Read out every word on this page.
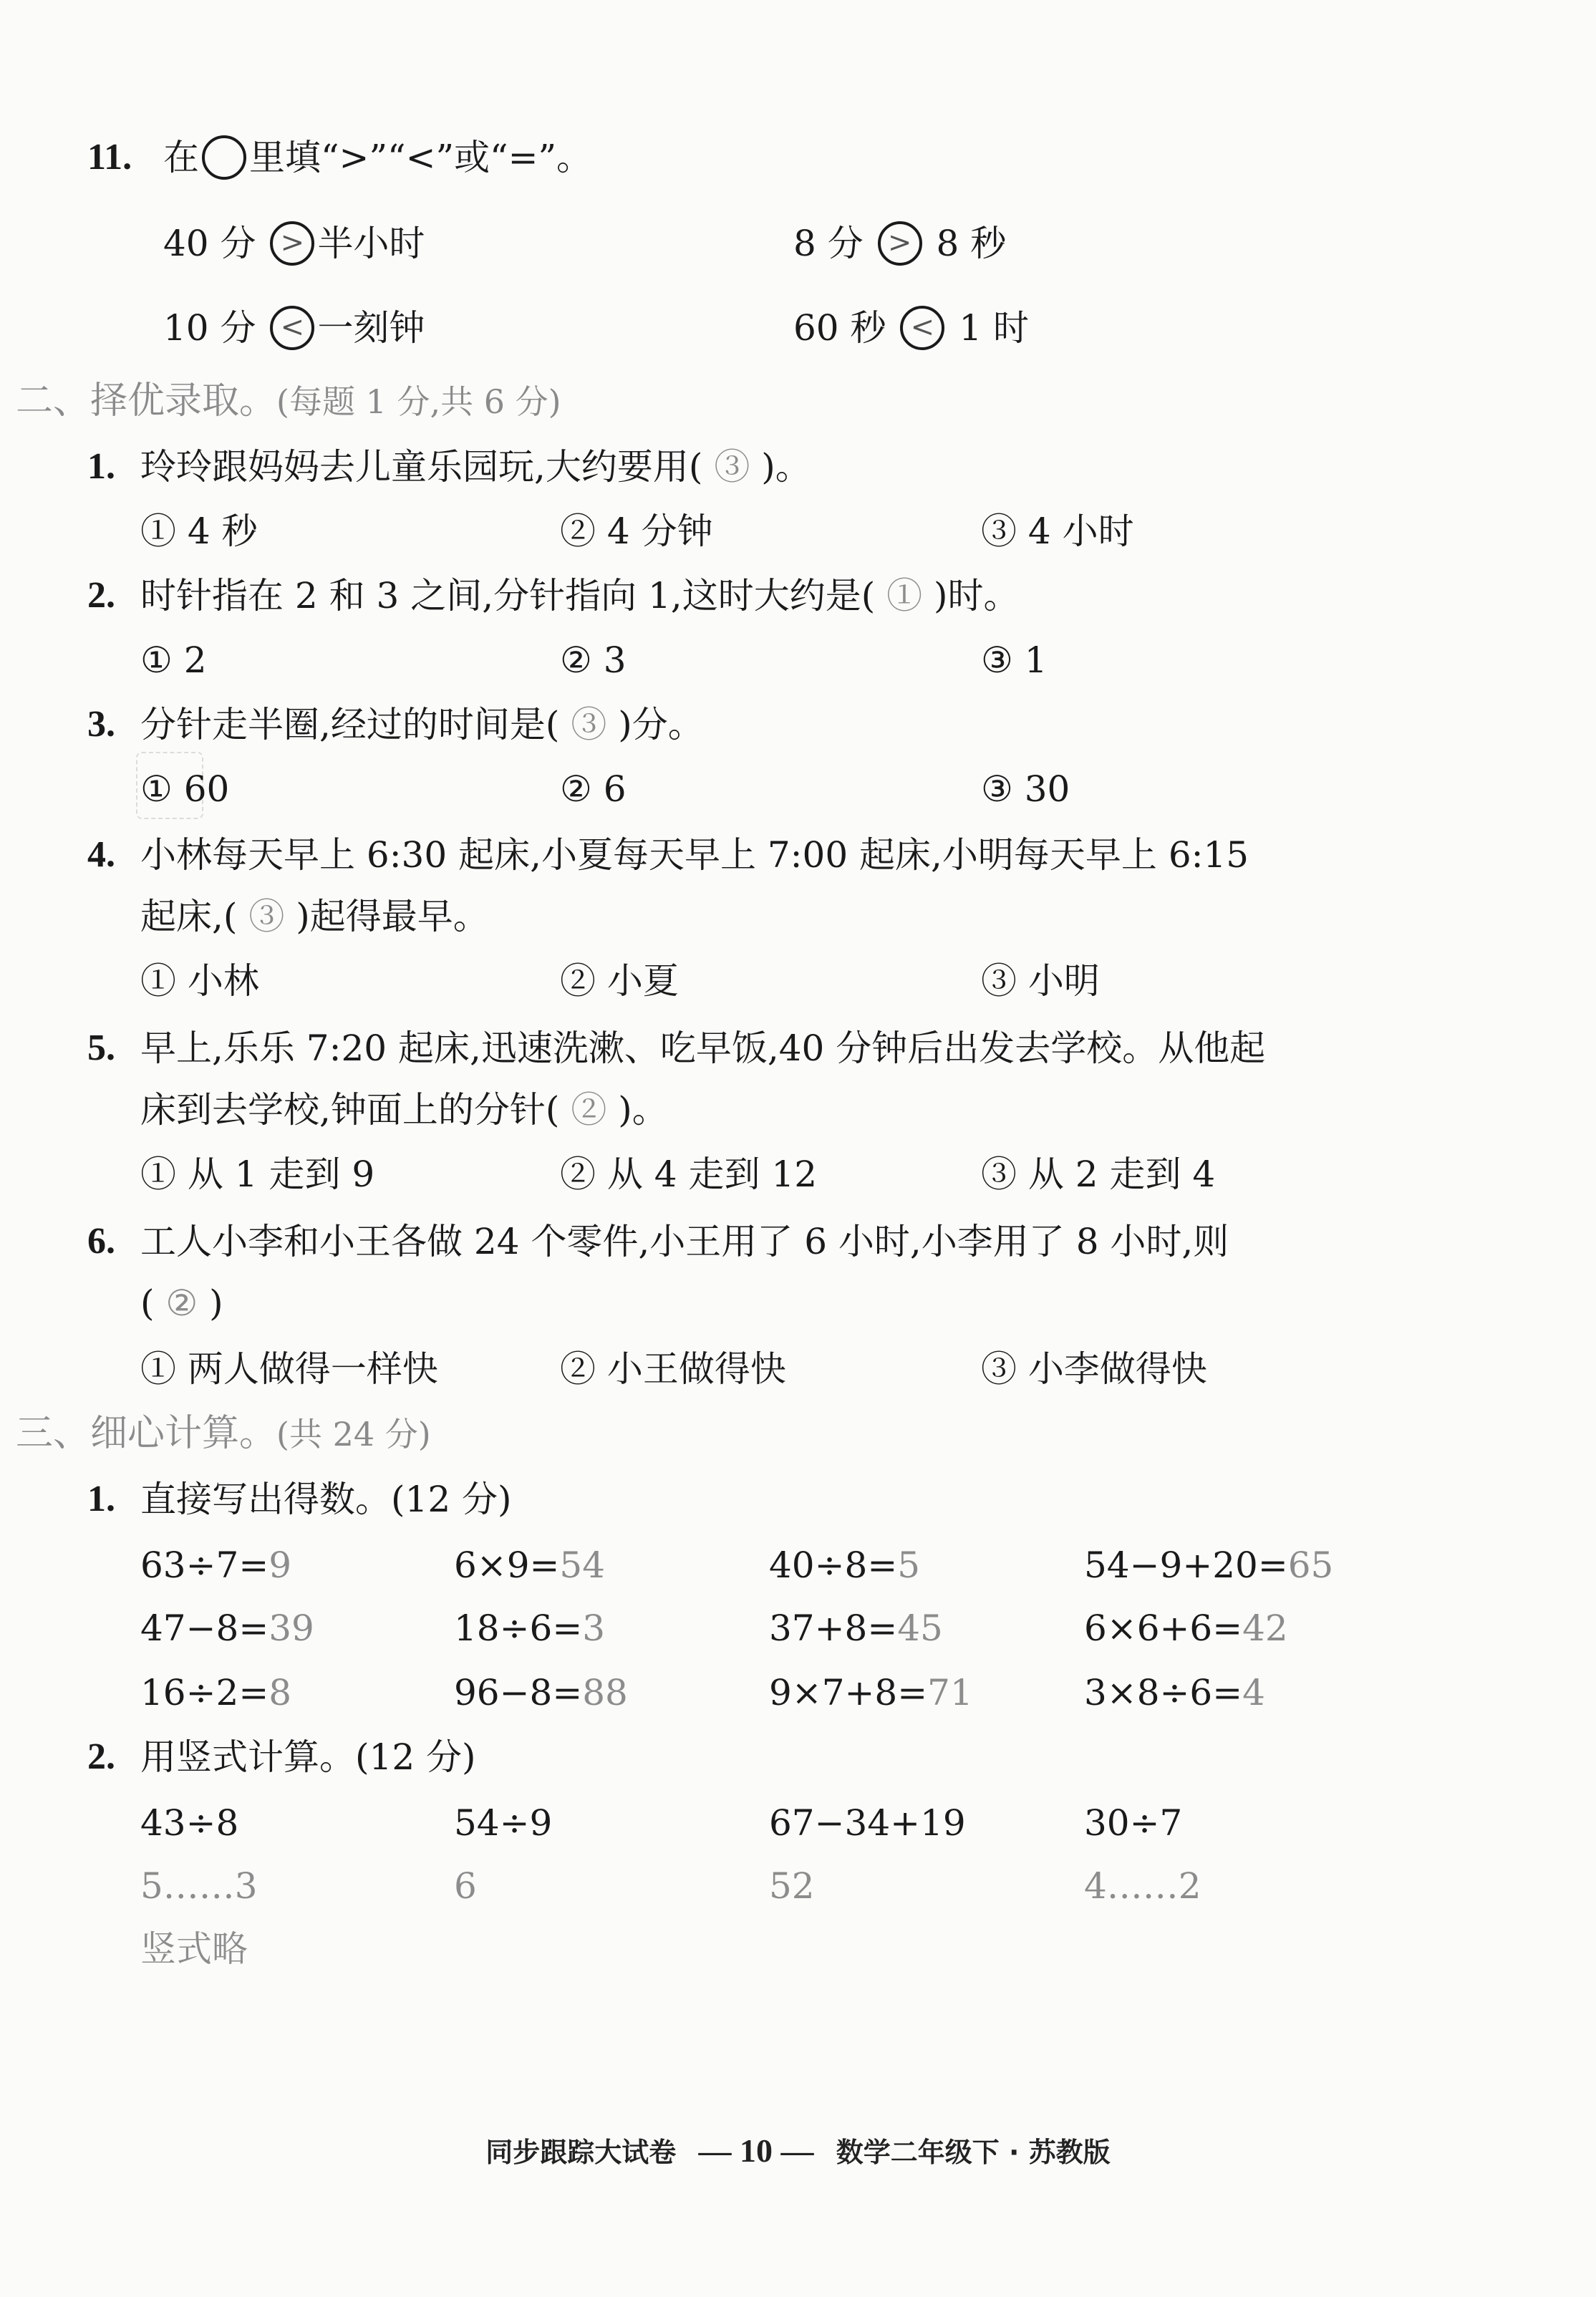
11. 在 里填“>”“<”或“=”。
40 分 > 半小时	8 分 > 8 秒
10 分 < 一刻钟	60 秒 < 1 时
二、择优录取。(每题 1 分,共 6 分)
1. 玲玲跟妈妈去儿童乐园玩,大约要用( ③ )。
① 4 秒	② 4 分钟	③ 4 小时
2. 时针指在 2 和 3 之间,分针指向 1,这时大约是( ① )时。
① 2	② 3	③ 1
3. 分针走半圈,经过的时间是( ③ )分。
① 60	② 6	③ 30
4. 小林每天早上 6:30 起床,小夏每天早上 7:00 起床,小明每天早上 6:15
起床,( ③ )起得最早。
① 小林	② 小夏	③ 小明
5. 早上,乐乐 7:20 起床,迅速洗漱、吃早饭,40 分钟后出发去学校。从他起
床到去学校,钟面上的分针( ② )。
① 从 1 走到 9	② 从 4 走到 12	③ 从 2 走到 4
6. 工人小李和小王各做 24 个零件,小王用了 6 小时,小李用了 8 小时,则
( ② )
① 两人做得一样快	② 小王做得快	③ 小李做得快
三、细心计算。(共 24 分)
1. 直接写出得数。(12 分)
63÷7=9	6×9=54	40÷8=5	54−9+20=65
47−8=39	18÷6=3	37+8=45	6×6+6=42
16÷2=8	96−8=88	9×7+8=71	3×8÷6=4
2. 用竖式计算。(12 分)
43÷8	54÷9	67−34+19	30÷7
5……3	6	52	4……2
竖式略
同步跟踪大试卷 — 10 — 数学二年级下 · 苏教版
